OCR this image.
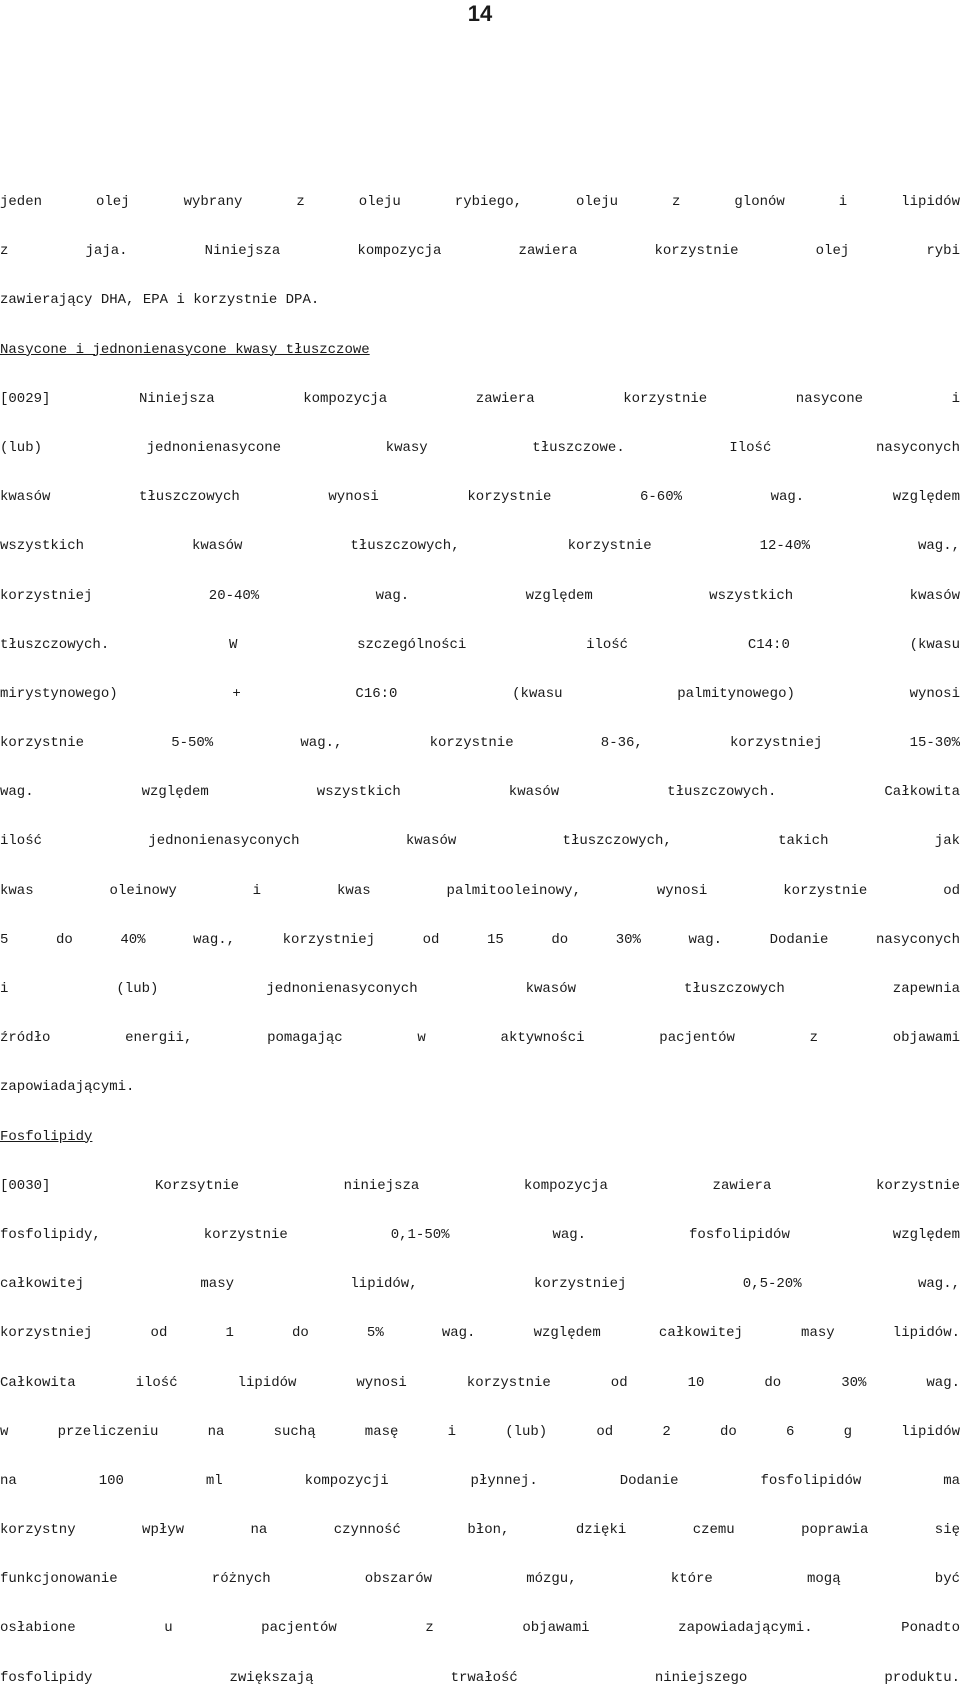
14
jeden olej wybrany z oleju rybiego, oleju z glonów i lipidów
z jaja. Niniejsza kompozycja zawiera korzystnie olej rybi
zawierający DHA, EPA i korzystnie DPA.
Nasycone i jednonienasycone kwasy tłuszczowe
[0029] Niniejsza kompozycja zawiera korzystnie nasycone i
(lub) jednonienasycone kwasy tłuszczowe. Ilość nasyconych
kwasów tłuszczowych wynosi korzystnie 6-60% wag. względem
wszystkich kwasów tłuszczowych, korzystnie 12-40% wag.,
korzystniej 20-40% wag. względem wszystkich kwasów
tłuszczowych. W szczególności ilość C14:0 (kwasu
mirystynowego) + C16:0 (kwasu palmitynowego) wynosi
korzystnie 5-50% wag., korzystnie 8-36, korzystniej 15-30%
wag. względem wszystkich kwasów tłuszczowych. Całkowita
ilość jednonienasyconych kwasów tłuszczowych, takich jak
kwas oleinowy i kwas palmitooleinowy, wynosi korzystnie od
5 do 40% wag., korzystniej od 15 do 30% wag. Dodanie nasyconych
i (lub) jednonienasyconych kwasów tłuszczowych zapewnia
źródło energii, pomagając w aktywności pacjentów z objawami
zapowiadającymi.
Fosfolipidy
[0030] Korzsytnie niniejsza kompozycja zawiera korzystnie
fosfolipidy, korzystnie 0,1-50% wag. fosfolipidów względem
całkowitej masy lipidów, korzystniej 0,5-20% wag.,
korzystniej od 1 do 5% wag. względem całkowitej masy lipidów.
Całkowita ilość lipidów wynosi korzystnie od 10 do 30% wag.
w przeliczeniu na suchą masę i (lub) od 2 do 6 g lipidów
na 100 ml kompozycji płynnej. Dodanie fosfolipidów ma
korzystny wpływ na czynność błon, dzięki czemu poprawia się
funkcjonowanie różnych obszarów mózgu, które mogą być
osłabione u pacjentów z objawami zapowiadającymi. Ponadto
fosfolipidy zwiększają trwałość niniejszego produktu.
